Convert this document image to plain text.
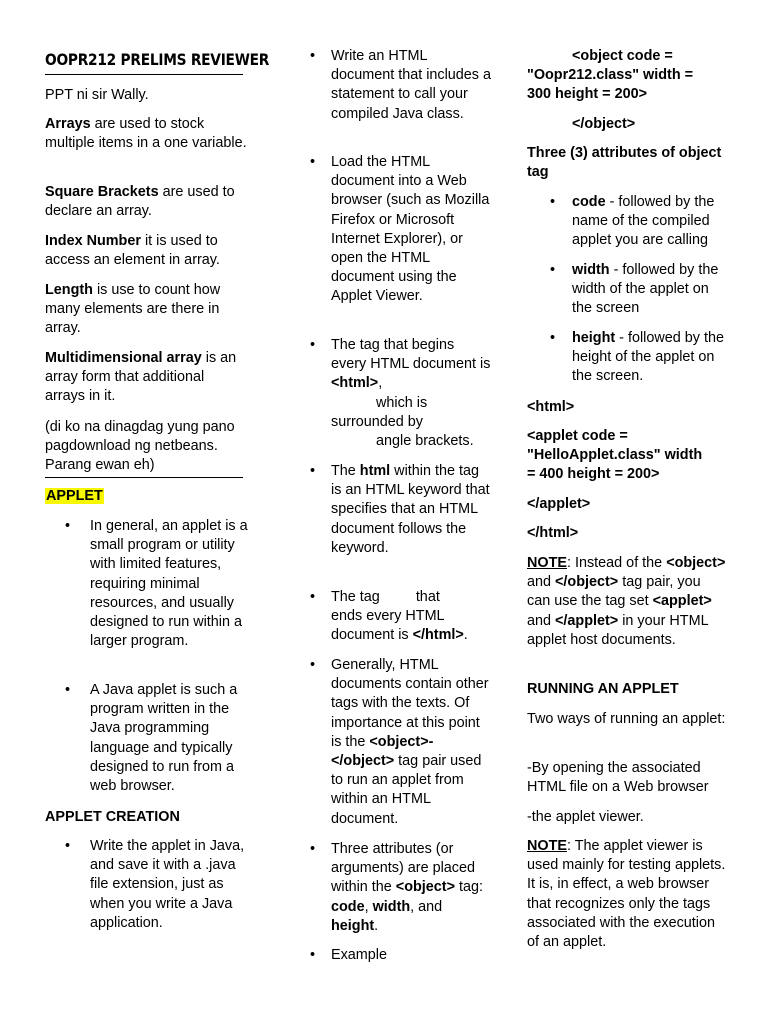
OOPR212 PRELIMS REVIEWER

PPT ni sir Wally.

Arrays are used to stock multiple items in a one variable.

Square Brackets are used to declare an array.

Index Number it is used to access an element in array.

Length is use to count how many elements are there in array.

Multidimensional array is an array form that additional arrays in it.

(di ko na dinagdag yung pano pagdownload ng netbeans. Parang ewan eh)

APPLET

• In general, an applet is a small program or utility with limited features, requiring minimal resources, and usually designed to run within a larger program.
• A Java applet is such a program written in the Java programming language and typically designed to run from a web browser.

APPLET CREATION

• Write the applet in Java, and save it with a .java file extension, just as when you write a Java application.
• Write an HTML document that includes a statement to call your compiled Java class.
• Load the HTML document into a Web browser (such as Mozilla Firefox or Microsoft Internet Explorer), or open the HTML document using the Applet Viewer.
• The tag that begins every HTML document is <html>,
which is
surrounded by
angle brackets.
• The html within the tag is an HTML keyword that specifies that an HTML document follows the keyword.
• The tag	that
ends every HTML document is </html>.
• Generally, HTML documents contain other tags with the texts. Of importance at this point is the <object>-</object> tag pair used to run an applet from within an HTML document.
• Three attributes (or arguments) are placed within the <object> tag: code, width, and height.
• Example

<object code =
"Oopr212.class" width =
300 height = 200>

</object>

Three (3) attributes of object tag

• code - followed by the name of the compiled applet you are calling
• width - followed by the width of the applet on the screen
• height - followed by the height of the applet on the screen.

<html>

<applet code =
"HelloApplet.class" width
= 400 height = 200>

</applet>

</html>

NOTE: Instead of the <object> and </object> tag pair, you can use the tag set <applet> and </applet> in your HTML applet host documents.

RUNNING AN APPLET

Two ways of running an applet:

-By opening the associated HTML file on a Web browser

-the applet viewer.

NOTE: The applet viewer is used mainly for testing applets. It is, in effect, a web browser that recognizes only the tags associated with the execution of an applet.
